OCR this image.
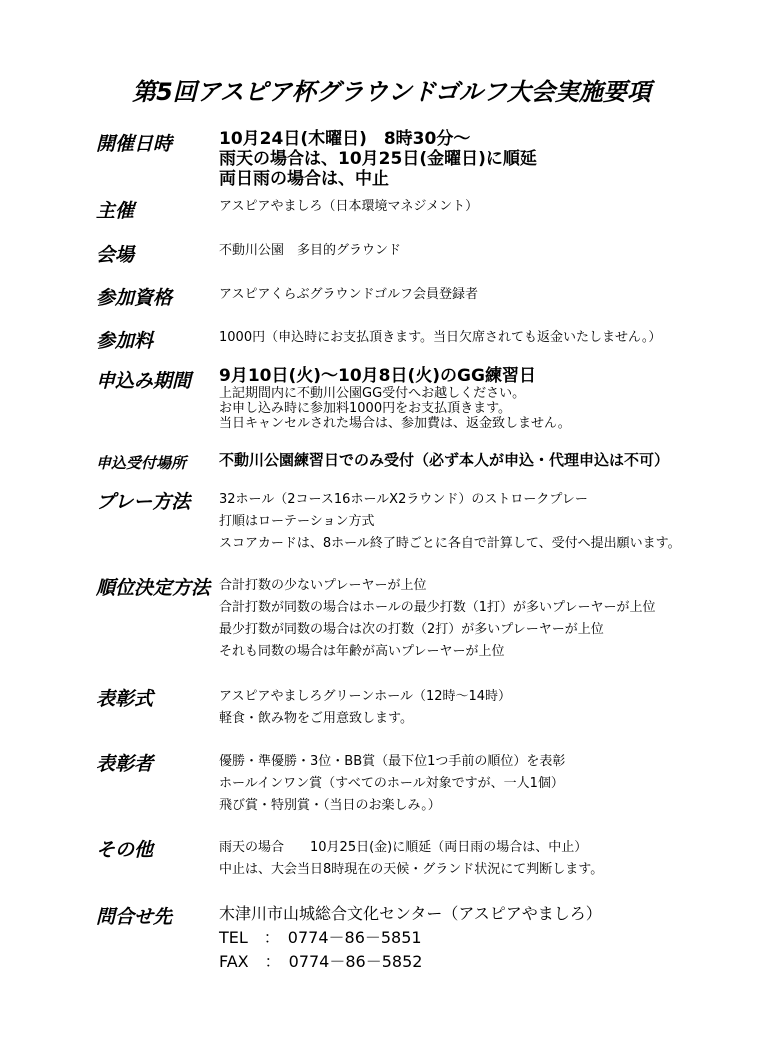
第5回アスピア杯グラウンドゴルフ大会実施要項
開催日時	10月24日(木曜日)　8時30分～
雨天の場合は、10月25日(金曜日)に順延
両日雨の場合は、中止
主催	アスピアやましろ（日本環境マネジメント）
会場	不動川公園　多目的グラウンド
参加資格	アスピアくらぶグラウンドゴルフ会員登録者
参加料	1000円（申込時にお支払頂きます。当日欠席されても返金いたしません。）
申込み期間 9月10日(火)～10月8日(火)のGG練習日
上記期間内に不動川公園GG受付へお越しください。
お申し込み時に参加料1000円をお支払頂きます。
当日キャンセルされた場合は、参加費は、返金致しません。
申込受付場所 不動川公園練習日でのみ受付（必ず本人が申込・代理申込は不可）
プレー方法 32ホール（2コース16ホールX2ラウンド）のストロークプレー
打順はローテーション方式
スコアカードは、8ホール終了時ごとに各自で計算して、受付へ提出願います。
順位決定方法 合計打数の少ないプレーヤーが上位
合計打数が同数の場合はホールの最少打数（1打）が多いプレーヤーが上位
最少打数が同数の場合は次の打数（2打）が多いプレーヤーが上位
それも同数の場合は年齢が高いプレーヤーが上位
表彰式	アスピアやましろグリーンホール（12時～14時）
軽食・飲み物をご用意致します。
表彰者	優勝・準優勝・3位・BB賞（最下位1つ手前の順位）を表彰
ホールインワン賞（すべてのホール対象ですが、一人1個）
飛び賞・特別賞・（当日のお楽しみ。）
その他	雨天の場合　　10月25日(金)に順延（両日雨の場合は、中止）
中止は、大会当日8時現在の天候・グランド状況にて判断します。
問合せ先	木津川市山城総合文化センター（アスピアやましろ）
TEL　：　0774－86－5851
FAX　：　0774－86－5852
